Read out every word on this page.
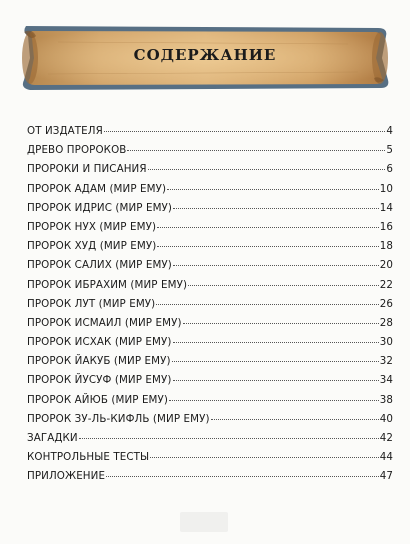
СОДЕРЖАНИЕ
ОТ ИЗДАТЕЛЯ	4
ДРЕВО ПРОРОКОВ	5
ПРОРОКИ И ПИСАНИЯ	6
ПРОРОК АДАМ (МИР ЕМУ)	10
ПРОРОК ИДРИС (МИР ЕМУ)	14
ПРОРОК НУХ (МИР ЕМУ)	16
ПРОРОК ХУД (МИР ЕМУ)	18
ПРОРОК САЛИХ (МИР ЕМУ)	20
ПРОРОК ИБРАХИМ (МИР ЕМУ)	22
ПРОРОК ЛУТ (МИР ЕМУ)	26
ПРОРОК ИСМАИЛ (МИР ЕМУ)	28
ПРОРОК ИСХАК (МИР ЕМУ)	30
ПРОРОК ЙАКУБ (МИР ЕМУ)	32
ПРОРОК ЙУСУФ (МИР ЕМУ)	34
ПРОРОК АЙЮБ (МИР ЕМУ)	38
ПРОРОК ЗУ-ЛЬ-КИФЛЬ (МИР ЕМУ)	40
ЗАГАДКИ	42
КОНТРОЛЬНЫЕ ТЕСТЫ	44
ПРИЛОЖЕНИЕ	47
